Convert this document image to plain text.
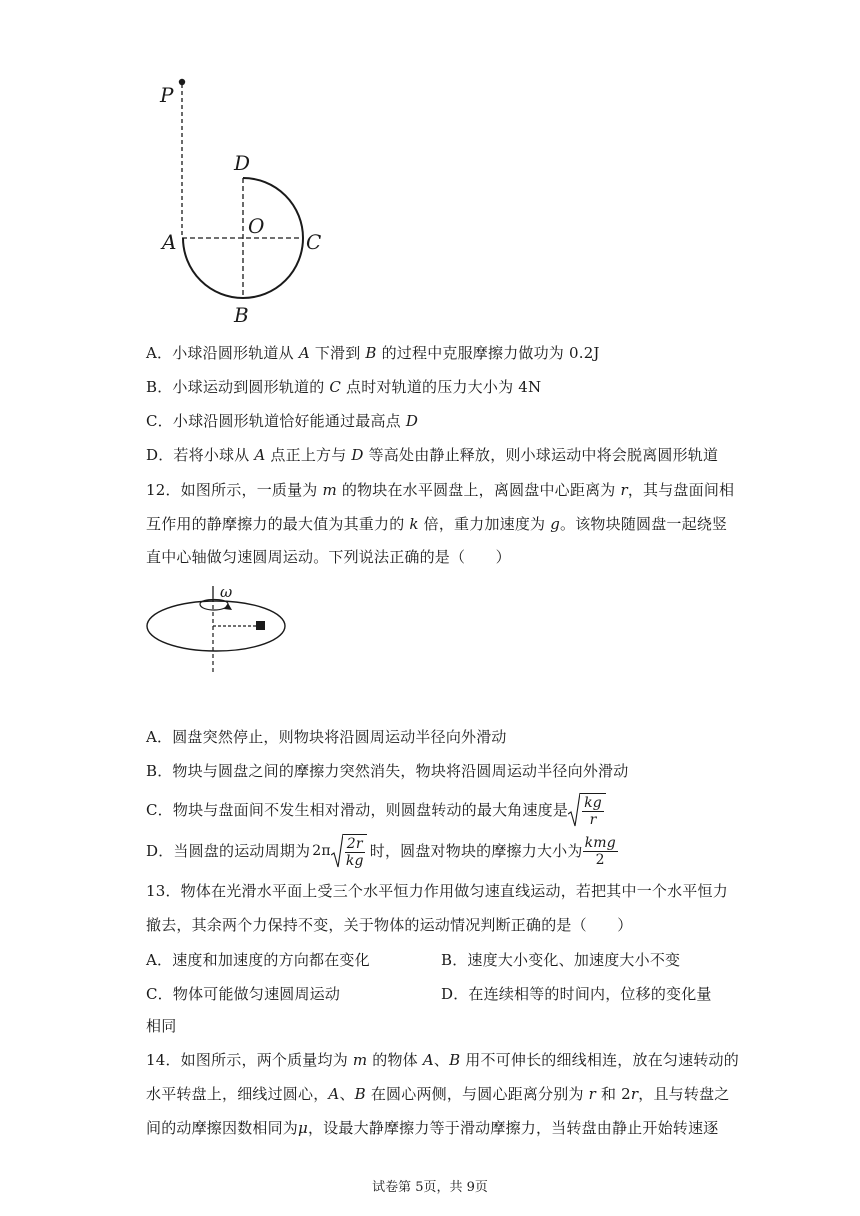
P
D
O
A	C
B
A．小球沿圆形轨道从 A 下滑到 B 的过程中克服摩擦力做功为 0.2J
B．小球运动到圆形轨道的 C 点时对轨道的压力大小为 4N
C．小球沿圆形轨道恰好能通过最高点 D
D．若将小球从 A 点正上方与 D 等高处由静止释放，则小球运动中将会脱离圆形轨道
12．如图所示，一质量为 m 的物块在水平圆盘上，离圆盘中心距离为 r，其与盘面间相
互作用的静摩擦力的最大值为其重力的 k 倍，重力加速度为 g。该物块随圆盘一起绕竖
直中心轴做匀速圆周运动。下列说法正确的是（　　）
ω
A．圆盘突然停止，则物块将沿圆周运动半径向外滑动
B．物块与圆盘之间的摩擦力突然消失，物块将沿圆周运动半径向外滑动
C．物块与盘面间不发生相对滑动，则圆盘转动的最大角速度是 $\frac{kg}{r}$
D．当圆盘的运动周期为 $2\pi \frac{2r}{kg}$ 时，圆盘对物块的摩擦力大小为 $\frac{\text{kmg}}{2}$
13．物体在光滑水平面上受三个水平恒力作用做匀速直线运动，若把其中一个水平恒力
撤去，其余两个力保持不变，关于物体的运动情况判断正确的是（　　）
A．速度和加速度的方向都在变化	B．速度大小变化、加速度大小不变
C．物体可能做匀速圆周运动	D．在连续相等的时间内，位移的变化量
相同
14．如图所示，两个质量均为 m 的物体 A、B 用不可伸长的细线相连，放在匀速转动的
水平转盘上，细线过圆心，A、B 在圆心两侧，与圆心距离分别为 r 和 2r，且与转盘之
间的动摩擦因数相同为μ，设最大静摩擦力等于滑动摩擦力，当转盘由静止开始转速逐
试卷第 5页，共 9页
